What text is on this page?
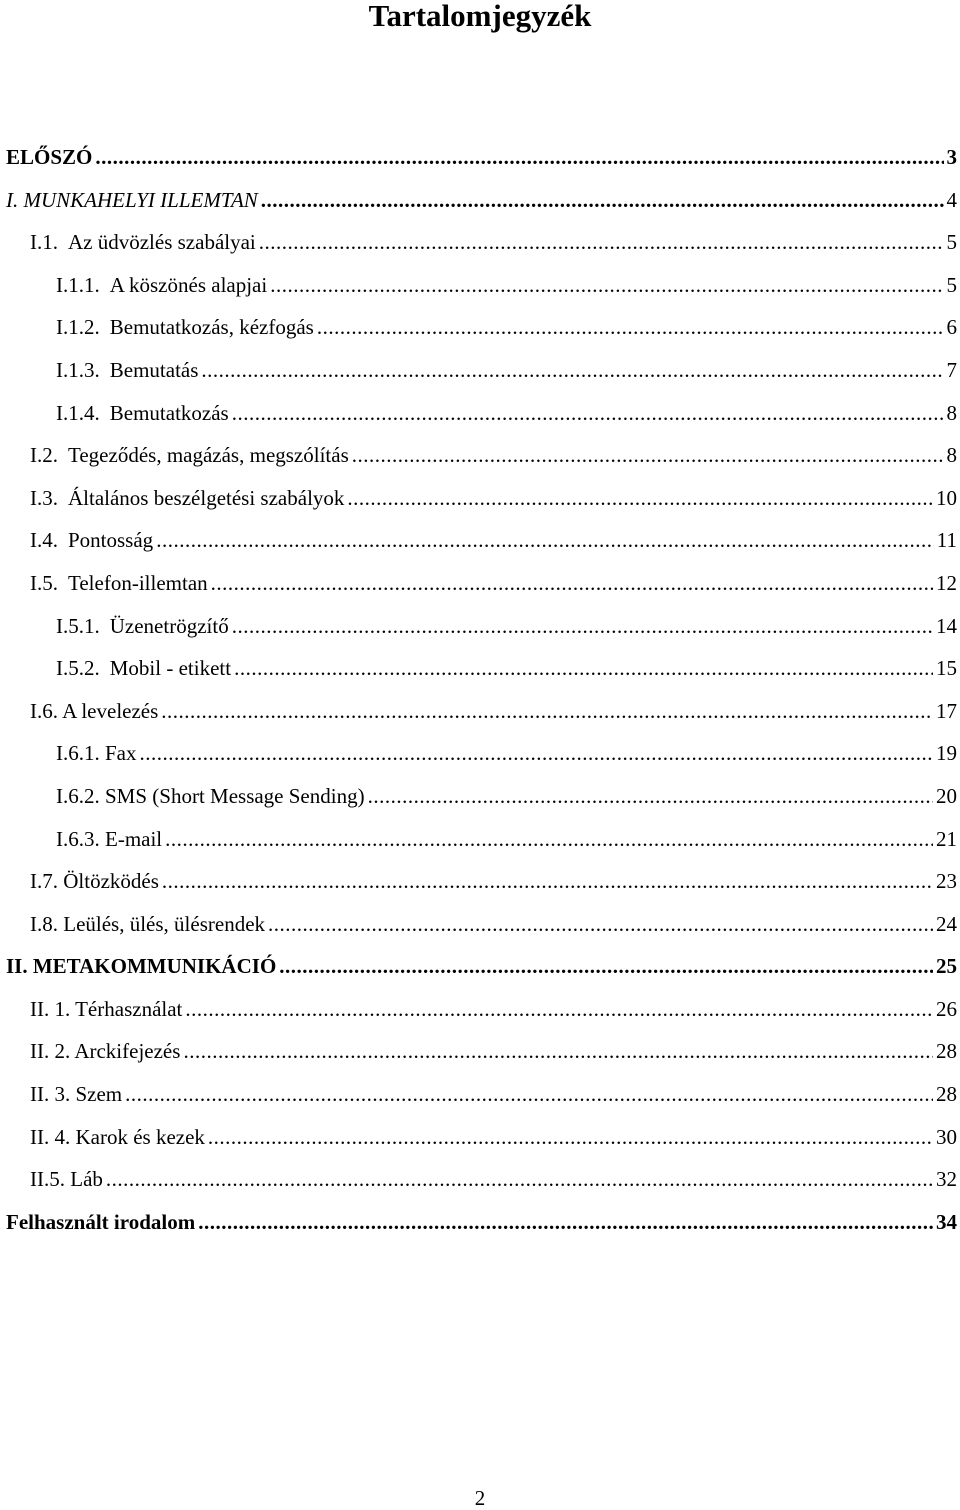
Tartalomjegyzék
ELŐSZÓ .....	3
I. MUNKAHELYI ILLEMTAN .....	4
I.1. Az üdvözlés szabályai .....	5
I.1.1. A köszönés alapjai .....	5
I.1.2. Bemutatkozás, kézfogás .....	6
I.1.3. Bemutatás .....	7
I.1.4. Bemutatkozás .....	8
I.2. Tegeződés, magázás, megszólítás .....	8
I.3. Általános beszélgetési szabályok .....	10
I.4. Pontosság .....	11
I.5. Telefon-illemtan .....	12
I.5.1. Üzenetrögzítő .....	14
I.5.2. Mobil - etikett .....	15
I.6. A levelezés .....	17
I.6.1. Fax .....	19
I.6.2. SMS (Short Message Sending) .....	20
I.6.3. E-mail .....	21
I.7. Öltözködés .....	23
I.8. Leülés, ülés, ülésrendek .....	24
II. METAKOMMUNIKÁCIÓ .....	25
II. 1. Térhasználat .....	26
II. 2. Arckifejezés .....	28
II. 3. Szem .....	28
II. 4. Karok és kezek .....	30
II.5. Láb .....	32
Felhasznált irodalom .....	34
2
